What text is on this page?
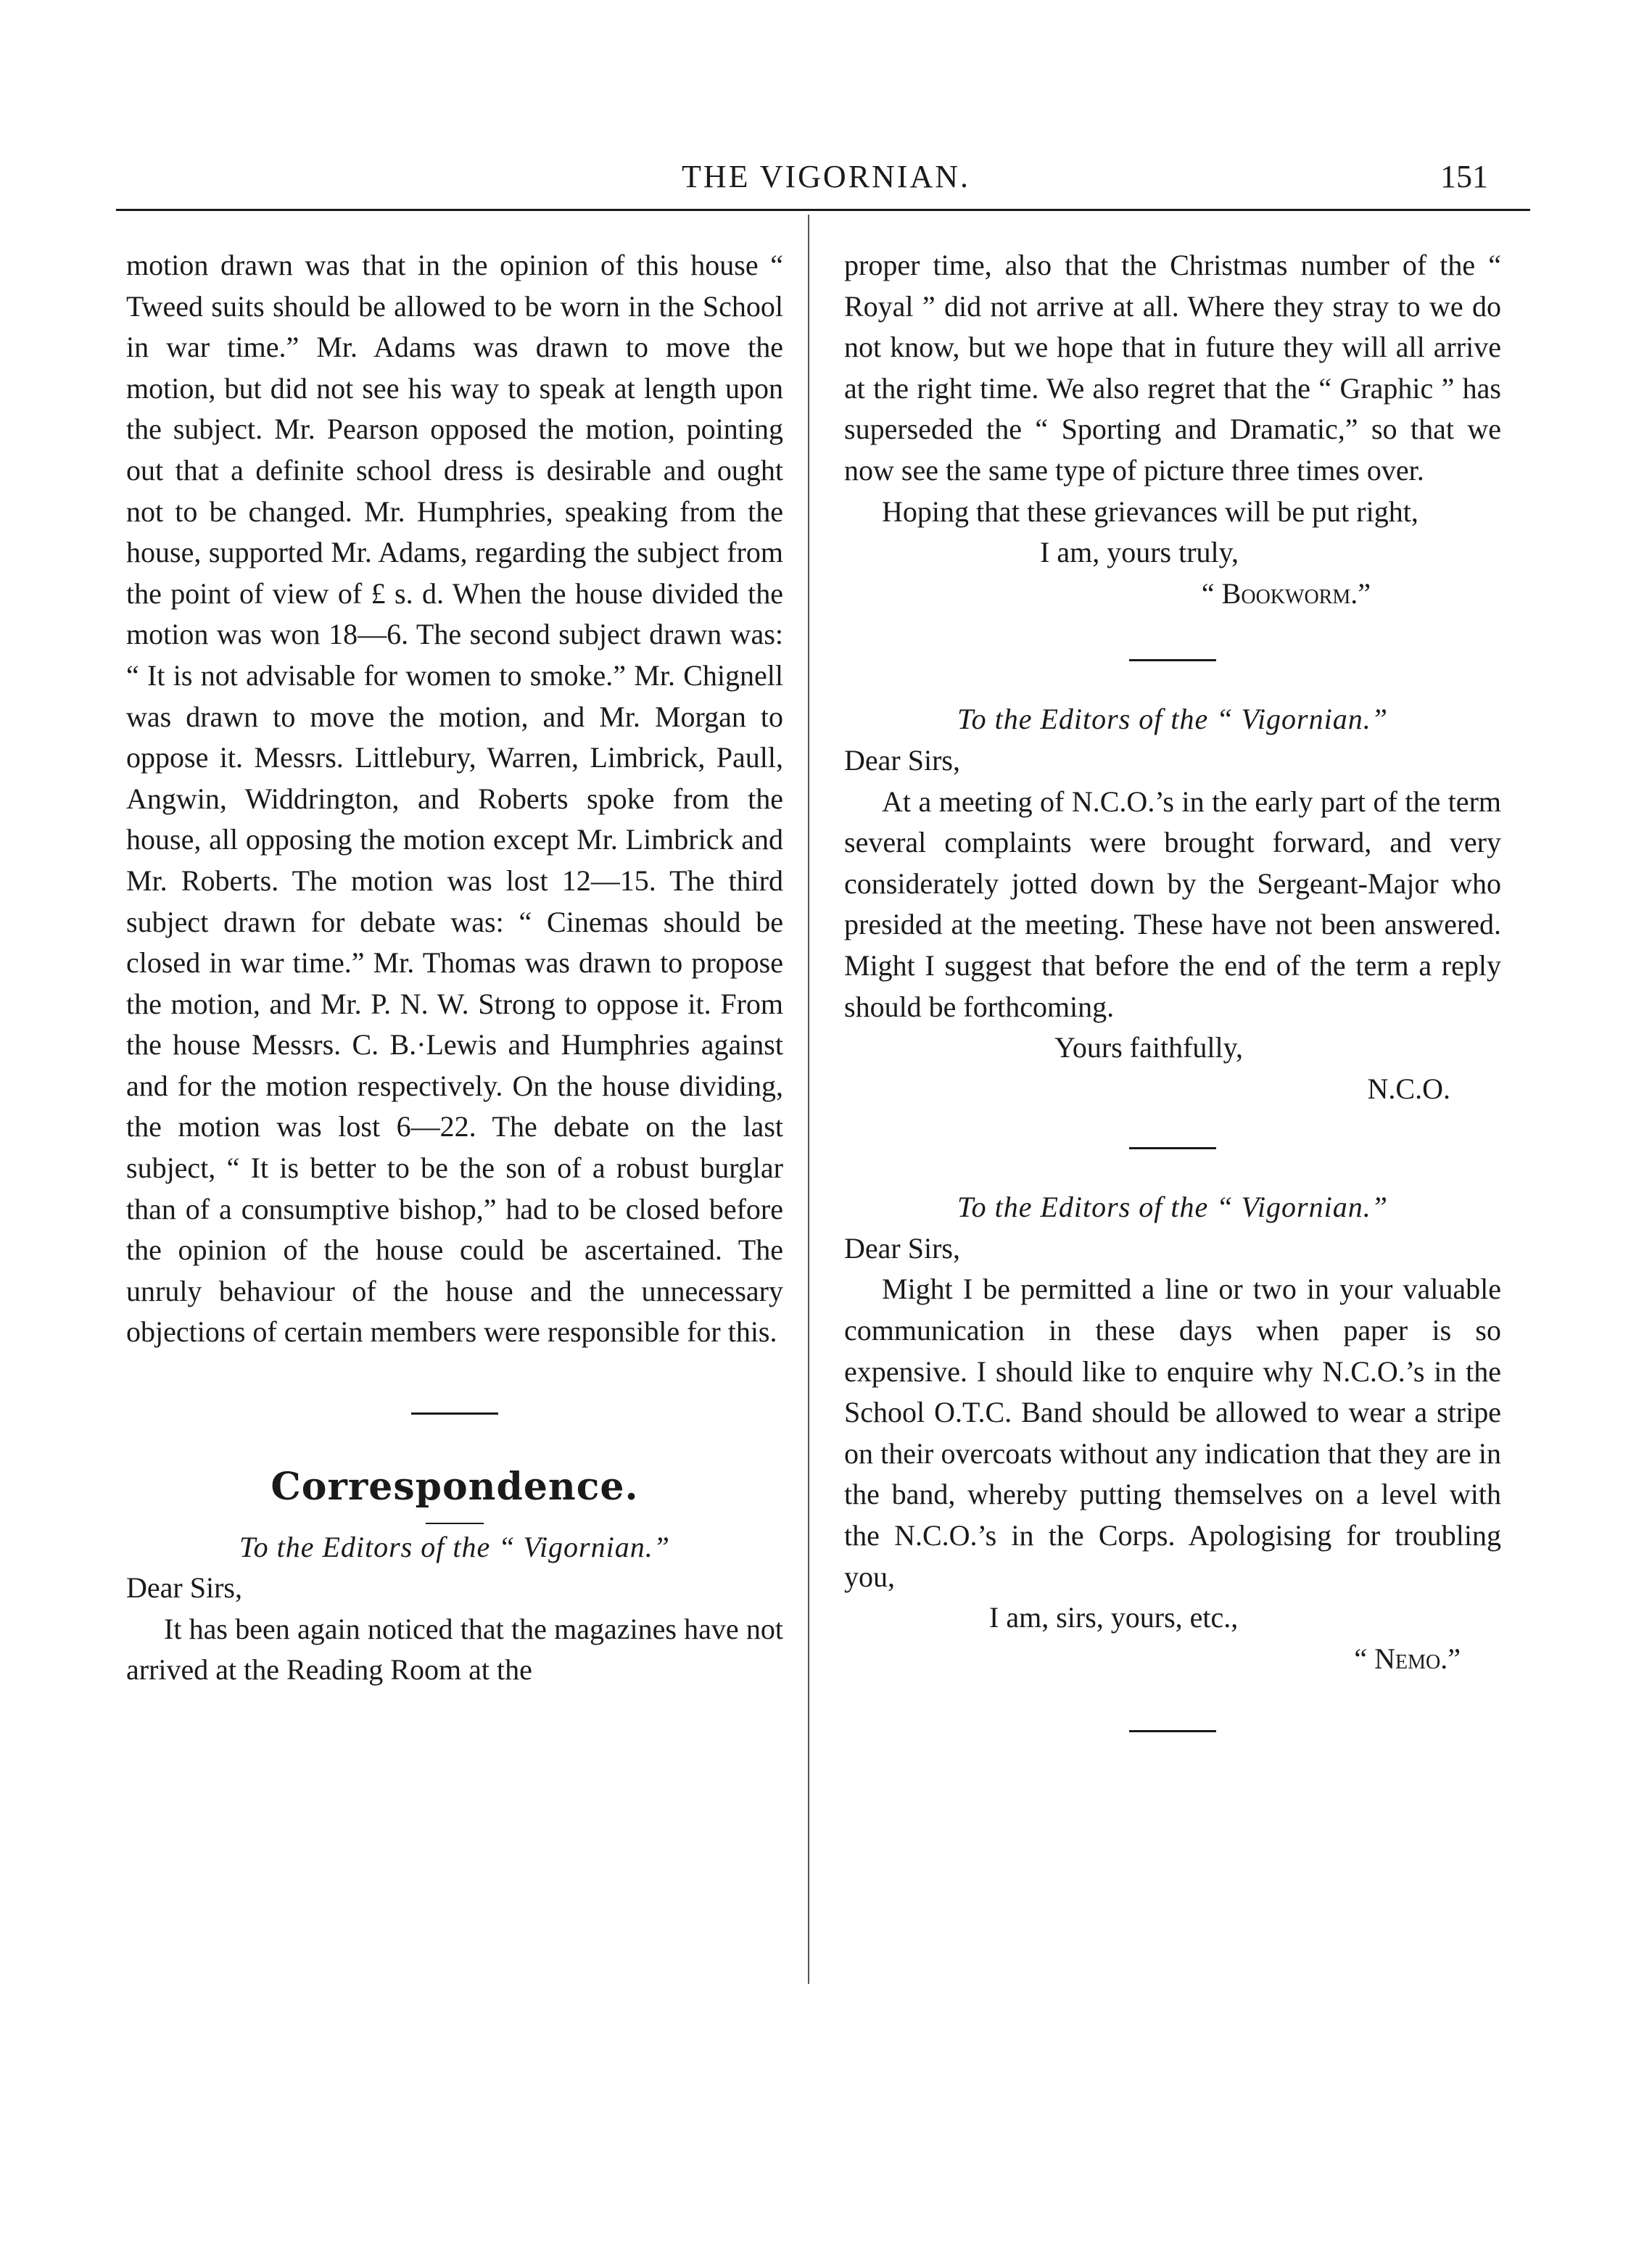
THE VIGORNIAN.	151

motion drawn was that in the opinion of this house “ Tweed suits should be allowed to be worn in the School in war time.” Mr. Adams was drawn to move the motion, but did not see his way to speak at length upon the subject. Mr. Pearson opposed the motion, pointing out that a definite school dress is desirable and ought not to be changed. Mr. Humphries, speaking from the house, supported Mr. Adams, regarding the subject from the point of view of £ s. d. When the house divided the motion was won 18—6. The second subject drawn was: “ It is not advisable for women to smoke.” Mr. Chignell was drawn to move the motion, and Mr. Morgan to oppose it. Messrs. Littlebury, Warren, Limbrick, Paull, Angwin, Widdrington, and Roberts spoke from the house, all opposing the motion except Mr. Limbrick and Mr. Roberts. The motion was lost 12—15. The third subject drawn for debate was: “ Cinemas should be closed in war time.” Mr. Thomas was drawn to propose the motion, and Mr. P. N. W. Strong to oppose it. From the house Messrs. C. B.·Lewis and Humphries against and for the motion respectively. On the house dividing, the motion was lost 6—22. The debate on the last subject, “ It is better to be the son of a robust burglar than of a consumptive bishop,” had to be closed before the opinion of the house could be ascertained. The unruly behaviour of the house and the unnecessary objections of certain members were responsible for this.

Correspondence.

To the Editors of the “ Vigornian.”

Dear Sirs,

It has been again noticed that the magazines have not arrived at the Reading Room at the

proper time, also that the Christmas number of the “ Royal ” did not arrive at all. Where they stray to we do not know, but we hope that in future they will all arrive at the right time. We also regret that the “ Graphic ” has superseded the “ Sporting and Dramatic,” so that we now see the same type of picture three times over.

Hoping that these grievances will be put right,

I am, yours truly,

“ Bookworm.”

To the Editors of the “ Vigornian.”

Dear Sirs,

At a meeting of N.C.O.’s in the early part of the term several complaints were brought forward, and very considerately jotted down by the Sergeant-Major who presided at the meeting. These have not been answered. Might I suggest that before the end of the term a reply should be forthcoming.

Yours faithfully,

N.C.O.

To the Editors of the “ Vigornian.”

Dear Sirs,

Might I be permitted a line or two in your valuable communication in these days when paper is so expensive. I should like to enquire why N.C.O.’s in the School O.T.C. Band should be allowed to wear a stripe on their overcoats without any indication that they are in the band, whereby putting themselves on a level with the N.C.O.’s in the Corps. Apologising for troubling you,

I am, sirs, yours, etc.,

“ Nemo.”
